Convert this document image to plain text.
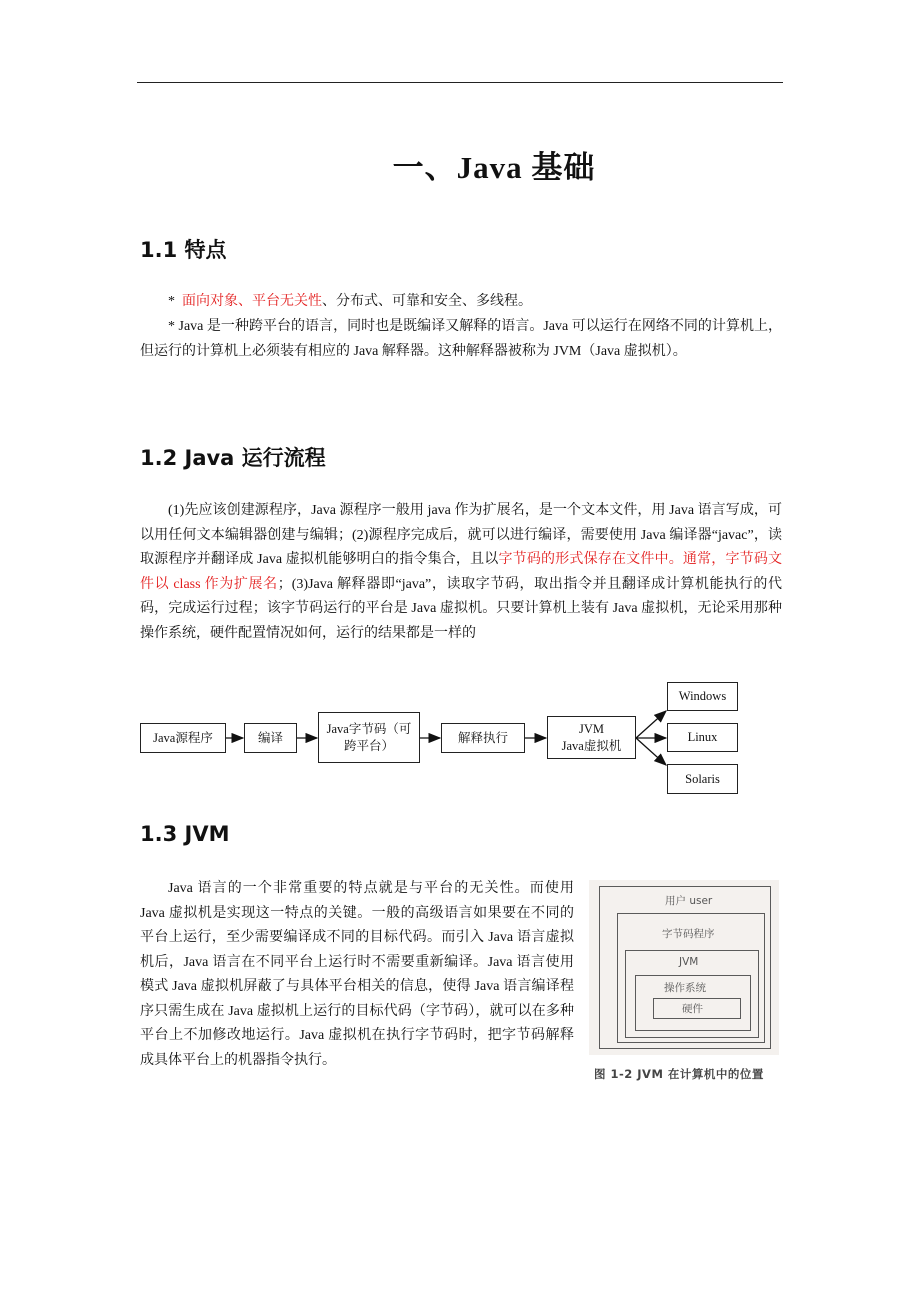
一、Java 基础
1.1 特点
* 面向对象、平台无关性、分布式、可靠和安全、多线程。
* Java 是一种跨平台的语言，同时也是既编译又解释的语言。Java 可以运行在网络不同的计算机上，但运行的计算机上必须装有相应的 Java 解释器。这种解释器被称为 JVM（Java 虚拟机）。
1.2 Java 运行流程
(1)先应该创建源程序，Java 源程序一般用 java 作为扩展名，是一个文本文件，用 Java 语言写成，可以用任何文本编辑器创建与编辑；(2)源程序完成后，就可以进行编译，需要使用 Java 编译器“javac”，读取源程序并翻译成 Java 虚拟机能够明白的指令集合，且以字节码的形式保存在文件中。通常，字节码文件以 class 作为扩展名；(3)Java 解释器即“java”，读取字节码，取出指令并且翻译成计算机能执行的代码，完成运行过程；该字节码运行的平台是 Java 虚拟机。只要计算机上装有 Java 虚拟机，无论采用那种操作系统，硬件配置情况如何，运行的结果都是一样的
Java源程序	编译
Java字节码（可
跨平台）
解释执行
JVM
Java虚拟机
Windows
Linux
Solaris
1.3 JVM
Java 语言的一个非常重要的特点就是与平台的无关性。而使用 Java 虚拟机是实现这一特点的关键。一般的高级语言如果要在不同的平台上运行，至少需要编译成不同的目标代码。而引入 Java 语言虚拟机后，Java 语言在不同平台上运行时不需要重新编译。Java 语言使用模式 Java 虚拟机屏蔽了与具体平台相关的信息，使得 Java 语言编译程序只需生成在 Java 虚拟机上运行的目标代码（字节码），就可以在多种平台上不加修改地运行。Java 虚拟机在执行字节码时，把字节码解释成具体平台上的机器指令执行。
用户 user
字节码程序
JVM
操作系统
硬件
图 1-2 JVM 在计算机中的位置
